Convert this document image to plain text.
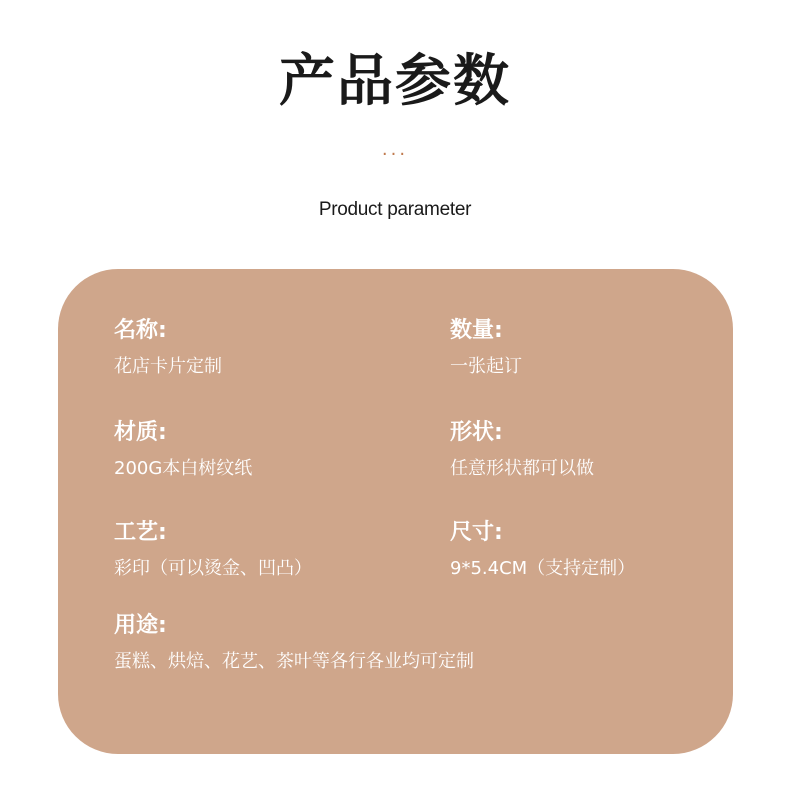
产品参数
···
Product parameter
名称:
花店卡片定制
数量:
一张起订
材质:
200G本白树纹纸
形状:
任意形状都可以做
工艺:
彩印（可以烫金、凹凸）
尺寸:
9*5.4CM（支持定制）
用途:
蛋糕、烘焙、花艺、茶叶等各行各业均可定制
